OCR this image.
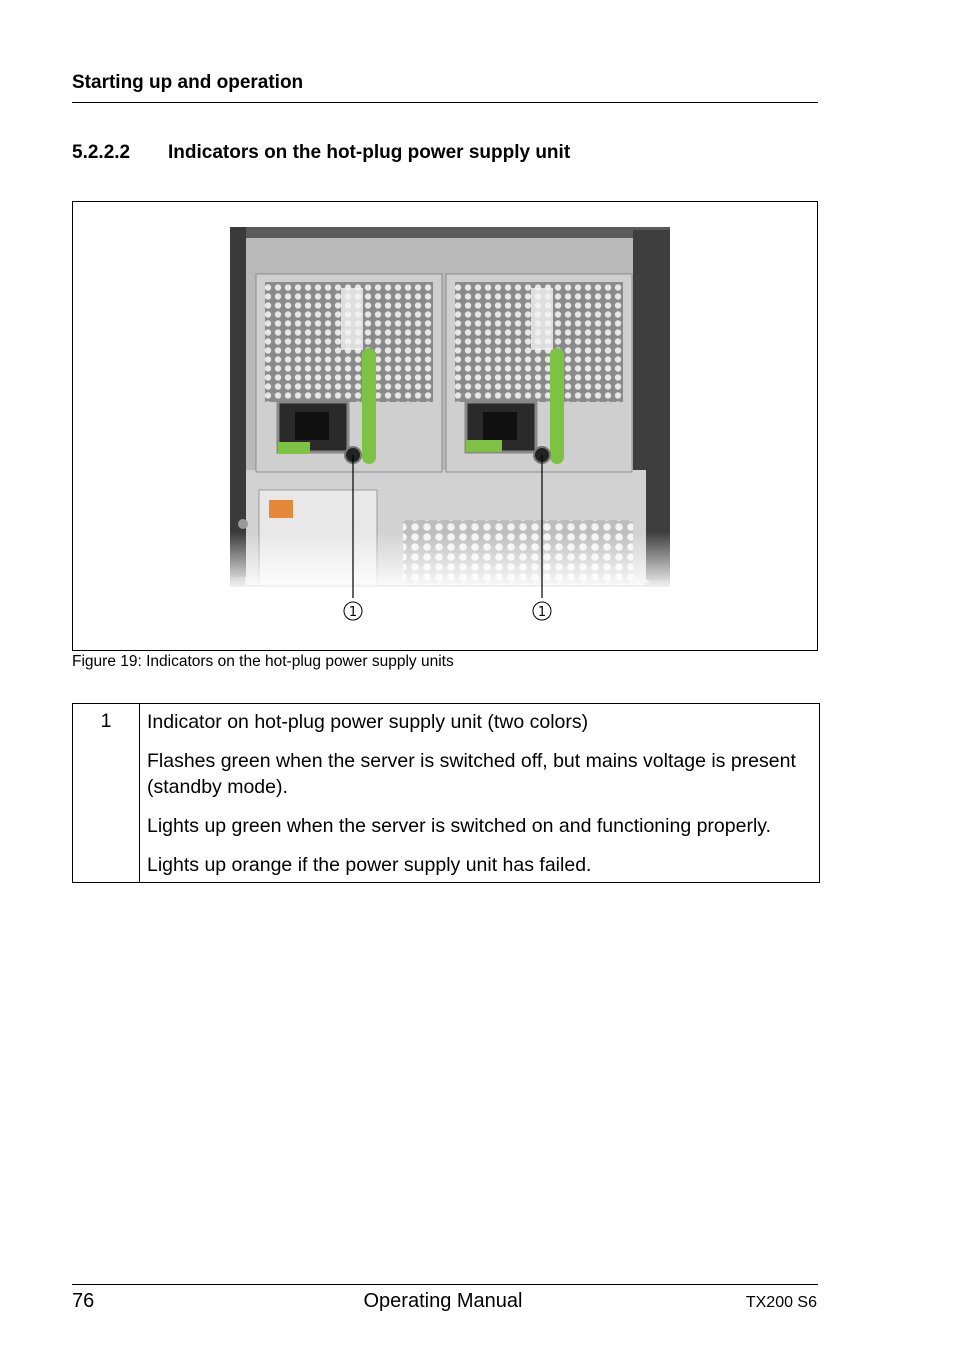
Starting up and operation
5.2.2.2 Indicators on the hot-plug power supply unit
1	1
Figure 19: Indicators on the hot-plug power supply units
1	Indicator on hot-plug power supply unit (two colors)

Flashes green when the server is switched off, but mains voltage is present (standby mode).

Lights up green when the server is switched on and functioning properly.

Lights up orange if the power supply unit has failed.

76	Operating Manual	TX200 S6
